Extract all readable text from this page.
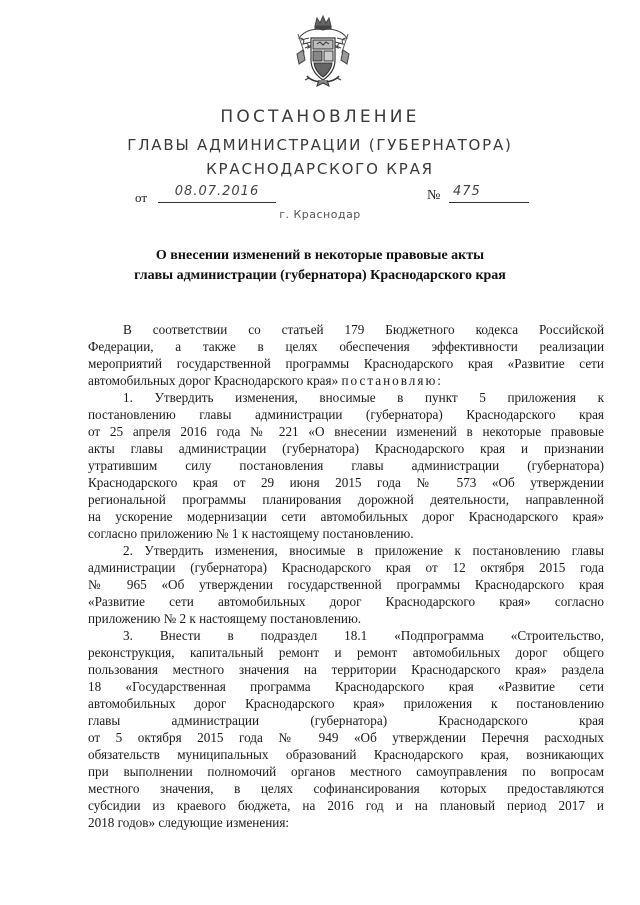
ПОСТАНОВЛЕНИЕ
ГЛАВЫ АДМИНИСТРАЦИИ (ГУБЕРНАТОРА)
КРАСНОДАРСКОГО КРАЯ
от	08.07.2016	№ 475
г. Краснодар
О внесении изменений в некоторые правовые акты
главы администрации (губернатора) Краснодарского края
В соответствии со статьей 179 Бюджетного кодекса Российской
Федерации, а также в целях обеспечения эффективности реализации
мероприятий государственной программы Краснодарского края «Развитие сети
автомобильных дорог Краснодарского края» постановляю:
1. Утвердить изменения, вносимые в пункт 5 приложения к
постановлению главы администрации (губернатора) Краснодарского края
от 25 апреля 2016 года № 221 «О внесении изменений в некоторые правовые
акты главы администрации (губернатора) Краснодарского края и признании
утратившим силу постановления главы администрации (губернатора)
Краснодарского края от 29 июня 2015 года № 573 «Об утверждении
региональной программы планирования дорожной деятельности, направленной
на ускорение модернизации сети автомобильных дорог Краснодарского края»
согласно приложению № 1 к настоящему постановлению.
2. Утвердить изменения, вносимые в приложение к постановлению главы
администрации (губернатора) Краснодарского края от 12 октября 2015 года
№ 965 «Об утверждении государственной программы Краснодарского края
«Развитие сети автомобильных дорог Краснодарского края» согласно
приложению № 2 к настоящему постановлению.
3. Внести в подраздел 18.1 «Подпрограмма «Строительство,
реконструкция, капитальный ремонт и ремонт автомобильных дорог общего
пользования местного значения на территории Краснодарского края» раздела
18 «Государственная программа Краснодарского края «Развитие сети
автомобильных дорог Краснодарского края» приложения к постановлению
главы администрации (губернатора) Краснодарского края
от 5 октября 2015 года № 949 «Об утверждении Перечня расходных
обязательств муниципальных образований Краснодарского края, возникающих
при выполнении полномочий органов местного самоуправления по вопросам
местного значения, в целях софинансирования которых предоставляются
субсидии из краевого бюджета, на 2016 год и на плановый период 2017 и
2018 годов» следующие изменения:
